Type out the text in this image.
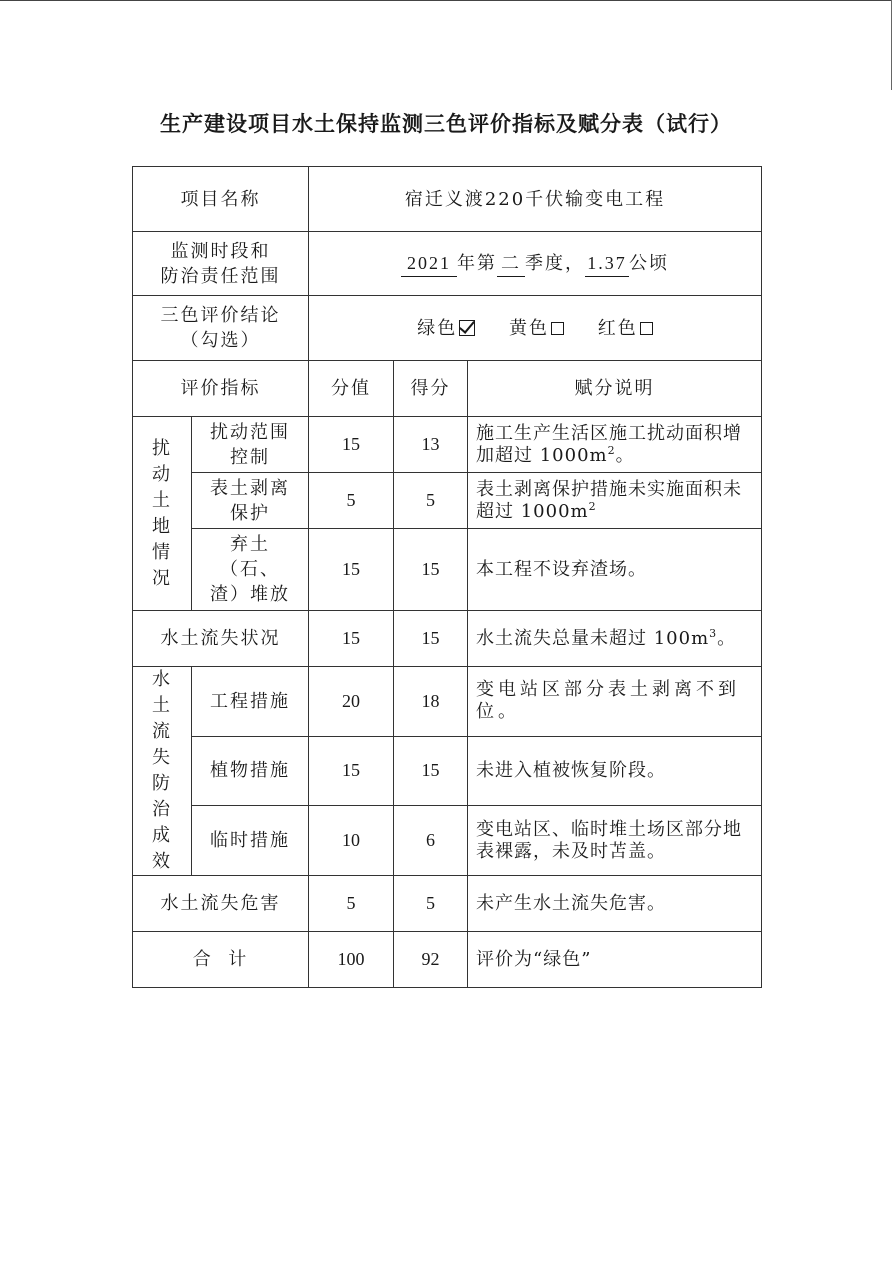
生产建设项目水土保持监测三色评价指标及赋分表（试行）
项目名称		宿迁义渡220千伏输变电工程		

监测时段和
防治责任范围		2021 年第 二 季度， 1.37 公顷		

三色评价结论
（勾选）		绿色 黄色 红色		
评价指标		分值	得分	赋分说明
扰动土地情况	扰动范围控制	15	13	施工生产生活区施工扰动面积增加超过 $1000m^2$。
	表土剥离保护	5	5	表土剥离保护措施未实施面积未超过 $1000m^2$
	弃土（石、渣）堆放	15	15	本工程不设弃渣场。
水土流失状况		15	15	水土流失总量未超过 $100m^3$。
水土流失防治成效	工程措施	20	18	变电站区部分表土剥离不到位。
	植物措施	15	15	未进入植被恢复阶段。
	临时措施	10	6	变电站区、临时堆土场区部分地表裸露，未及时苫盖。
水土流失危害		5	5	未产生水土流失危害。
合  计		100	92	评价为“绿色”
